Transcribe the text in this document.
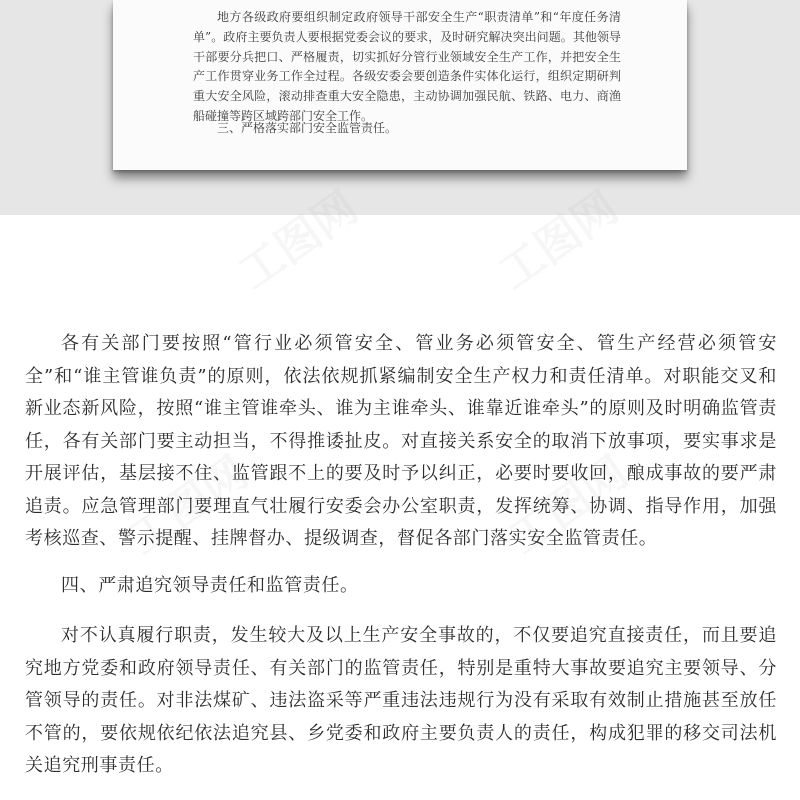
地方各级政府要组织制定政府领导干部安全生产“职责清单”和“年度任务清单”。政府主要负责人要根据党委会议的要求，及时研究解决突出问题。其他领导干部要分兵把口、严格履责，切实抓好分管行业领域安全生产工作，并把安全生产工作贯穿业务工作全过程。各级安委会要创造条件实体化运行，组织定期研判重大安全风险，滚动排查重大安全隐患，主动协调加强民航、铁路、电力、商渔船碰撞等跨区域跨部门安全工作。

三、严格落实部门安全监管责任。

工图网	工图网
工图网	工图网

各有关部门要按照“管行业必须管安全、管业务必须管安全、管生产经营必须管安全”和“谁主管谁负责”的原则，依法依规抓紧编制安全生产权力和责任清单。对职能交叉和新业态新风险，按照“谁主管谁牵头、谁为主谁牵头、谁靠近谁牵头”的原则及时明确监管责任，各有关部门要主动担当，不得推诿扯皮。对直接关系安全的取消下放事项，要实事求是开展评估，基层接不住、监管跟不上的要及时予以纠正，必要时要收回，酿成事故的要严肃追责。应急管理部门要理直气壮履行安委会办公室职责，发挥统筹、协调、指导作用，加强考核巡查、警示提醒、挂牌督办、提级调查，督促各部门落实安全监管责任。

四、严肃追究领导责任和监管责任。

对不认真履行职责，发生较大及以上生产安全事故的，不仅要追究直接责任，而且要追究地方党委和政府领导责任、有关部门的监管责任，特别是重特大事故要追究主要领导、分管领导的责任。对非法煤矿、违法盗采等严重违法违规行为没有采取有效制止措施甚至放任不管的，要依规依纪依法追究县、乡党委和政府主要负责人的责任，构成犯罪的移交司法机关追究刑事责任。
